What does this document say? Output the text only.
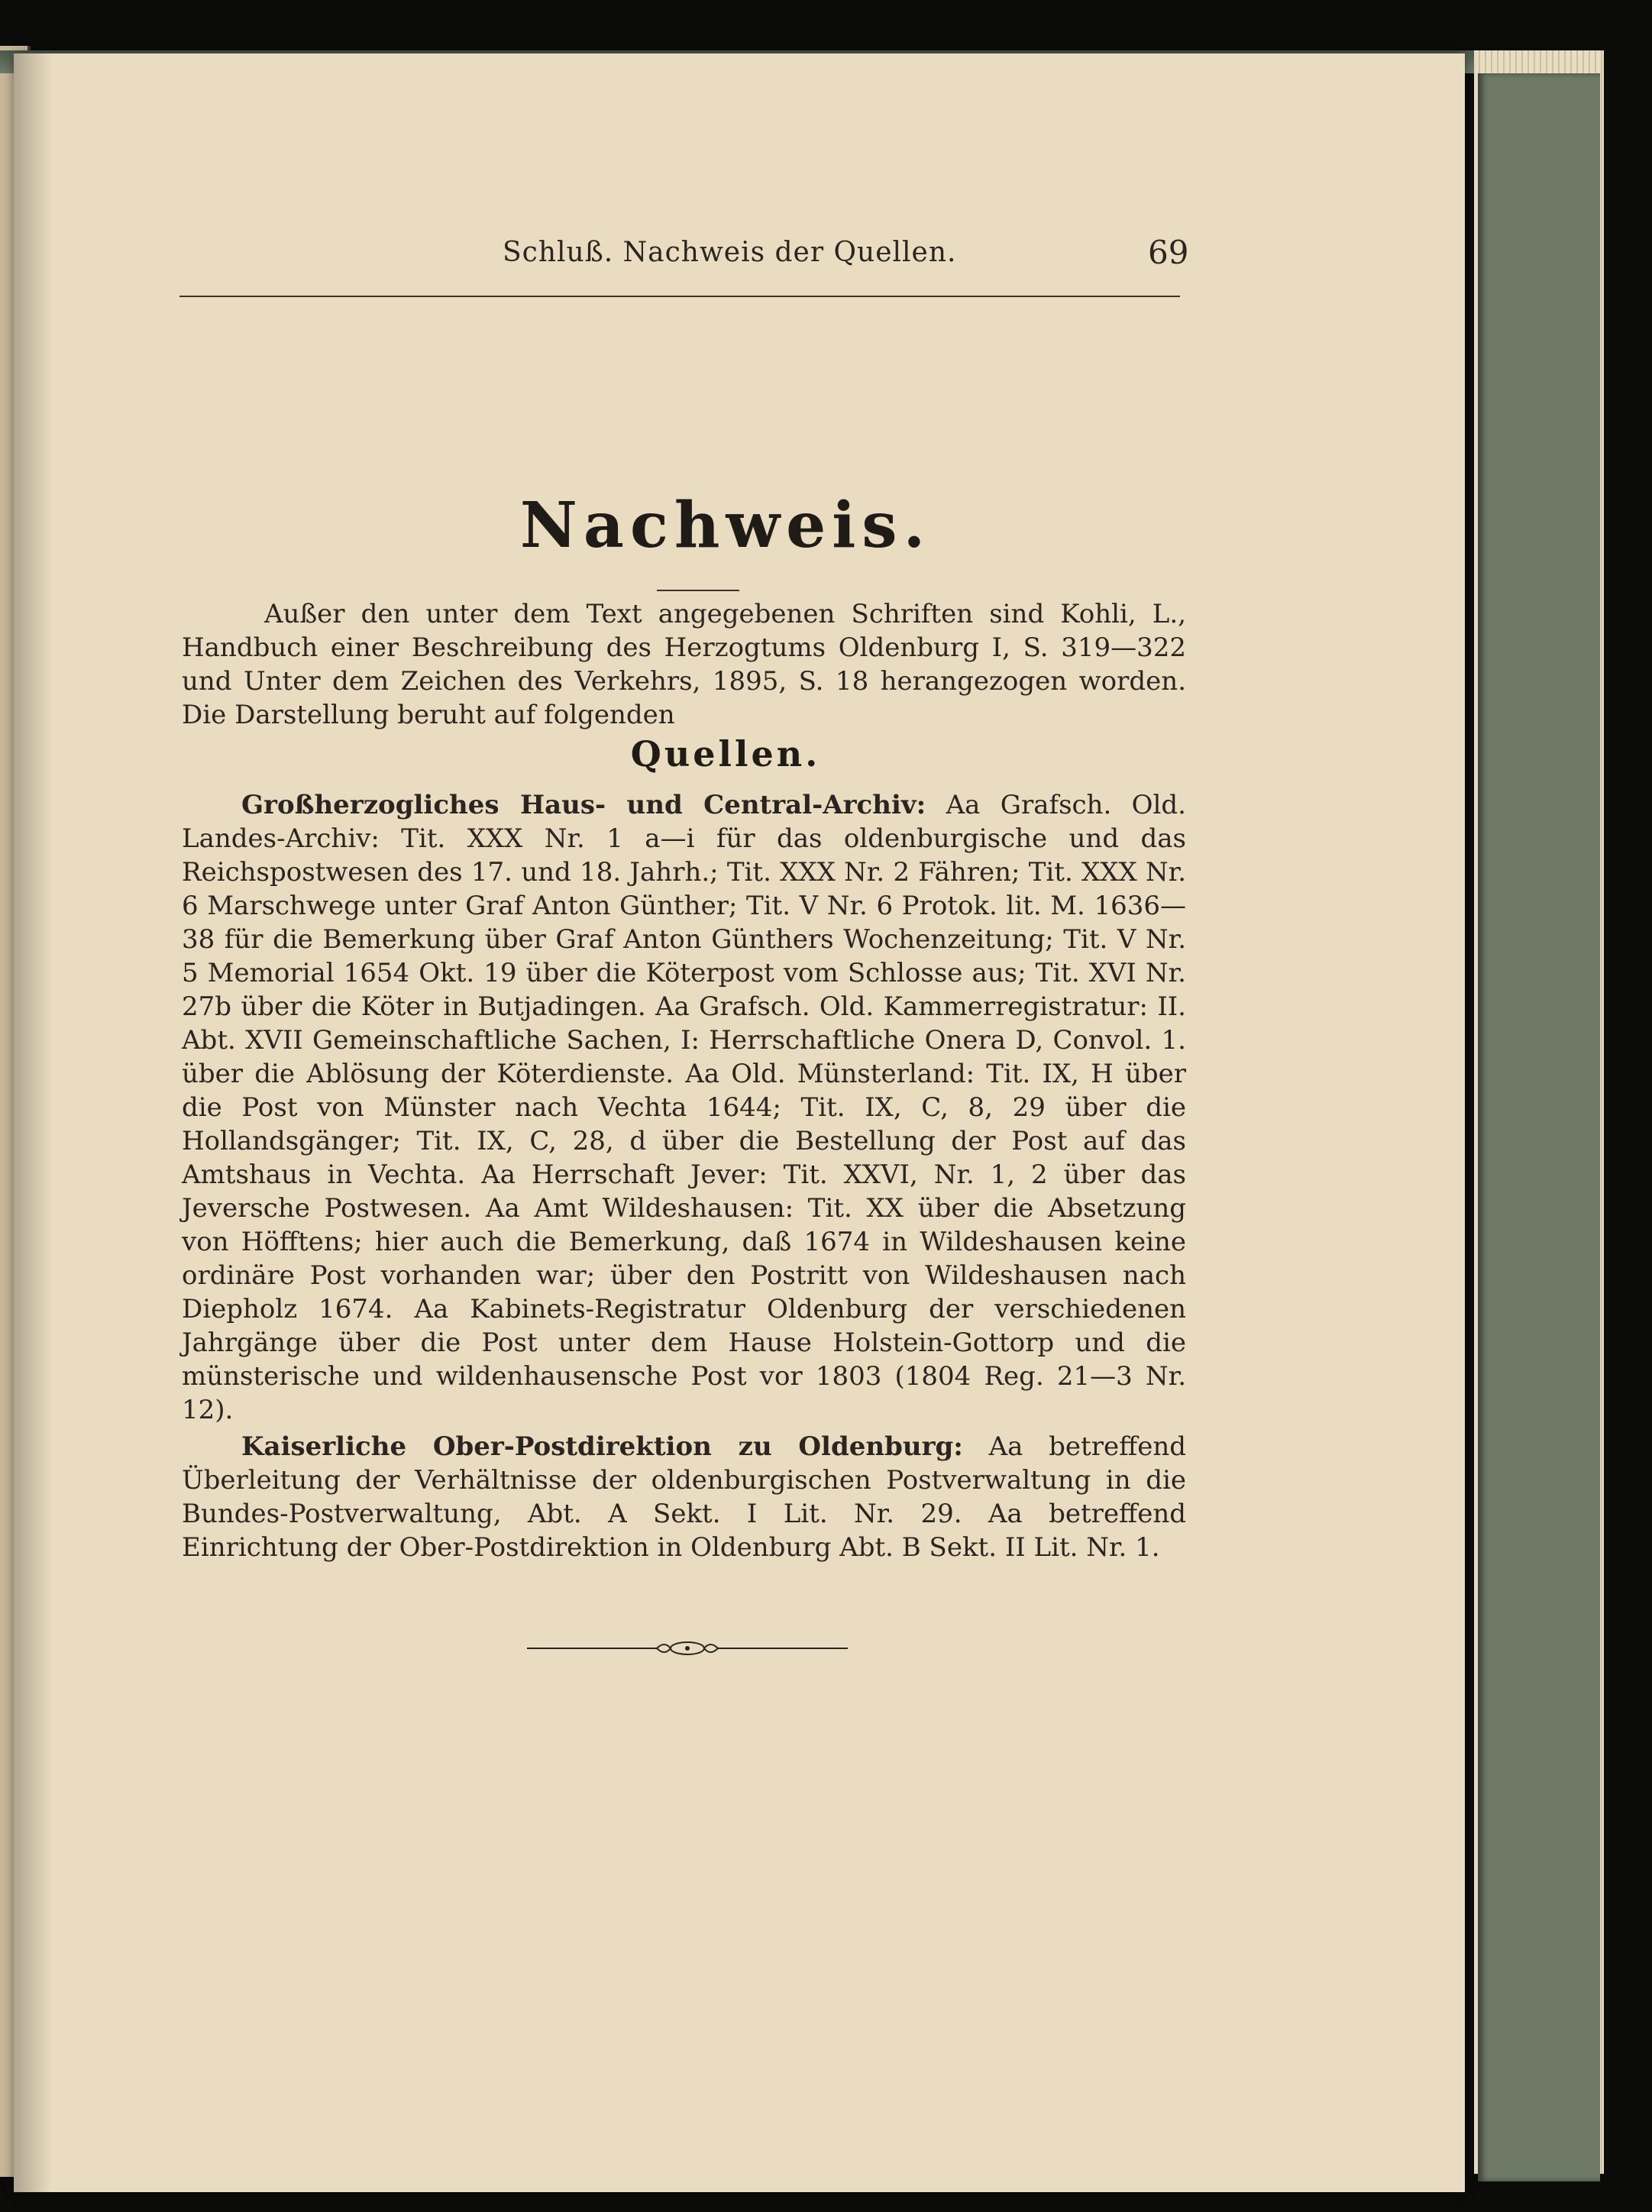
Schluß. Nachweis der Quellen.	69
Nachweis.

Außer den unter dem Text angegebenen Schriften sind Kohli, L., Handbuch einer Beschreibung des Herzogtums Oldenburg I, S. 319—322 und Unter dem Zeichen des Verkehrs, 1895, S. 18 herangezogen worden. Die Darstellung beruht auf folgenden

Quellen.

Großherzogliches Haus- und Central-Archiv: Aa Grafsch. Old. Landes-Archiv: Tit. XXX Nr. 1 a—i für das oldenburgische und das Reichspostwesen des 17. und 18. Jahrh.; Tit. XXX Nr. 2 Fähren; Tit. XXX Nr. 6 Marschwege unter Graf Anton Günther; Tit. V Nr. 6 Protok. lit. M. 1636—38 für die Bemerkung über Graf Anton Günthers Wochenzeitung; Tit. V Nr. 5 Memorial 1654 Okt. 19 über die Köterpost vom Schlosse aus; Tit. XVI Nr. 27b über die Köter in Butjadingen. Aa Grafsch. Old. Kammerregistratur: II. Abt. XVII Gemeinschaftliche Sachen, I: Herrschaftliche Onera D, Convol. 1. über die Ablösung der Köterdienste. Aa Old. Münsterland: Tit. IX, H über die Post von Münster nach Vechta 1644; Tit. IX, C, 8, 29 über die Hollandsgänger; Tit. IX, C, 28, d über die Bestellung der Post auf das Amtshaus in Vechta. Aa Herrschaft Jever: Tit. XXVI, Nr. 1, 2 über das Jeversche Postwesen. Aa Amt Wildeshausen: Tit. XX über die Absetzung von Höfftens; hier auch die Bemerkung, daß 1674 in Wildeshausen keine ordinäre Post vorhanden war; über den Postritt von Wildeshausen nach Diepholz 1674. Aa Kabinets-Registratur Oldenburg der verschiedenen Jahrgänge über die Post unter dem Hause Holstein-Gottorp und die münsterische und wildenhausensche Post vor 1803 (1804 Reg. 21—3 Nr. 12).

Kaiserliche Ober-Postdirektion zu Oldenburg: Aa betreffend Überleitung der Verhältnisse der oldenburgischen Postverwaltung in die Bundes-Postverwaltung, Abt. A Sekt. I Lit. Nr. 29. Aa betreffend Einrichtung der Ober-Postdirektion in Oldenburg Abt. B Sekt. II Lit. Nr. 1.
